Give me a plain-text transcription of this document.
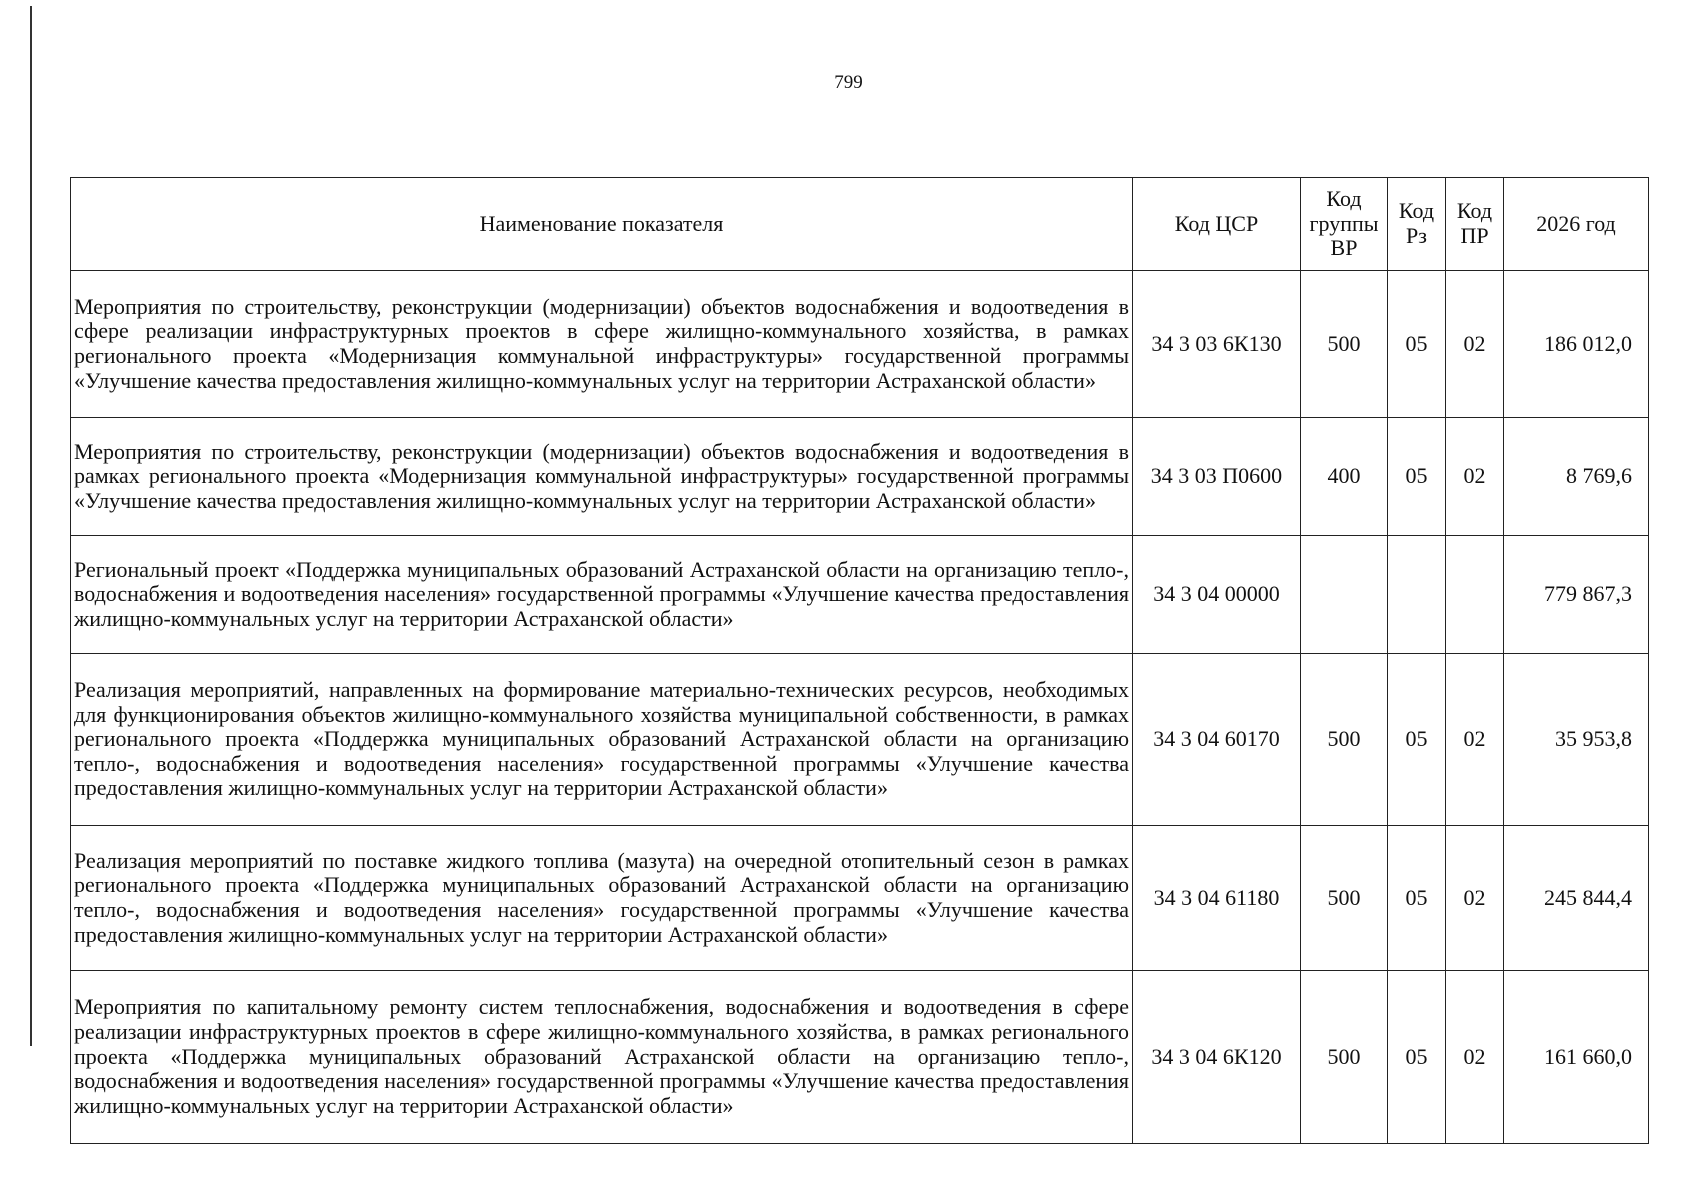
799
Наименование показателя	Код ЦСР	Код группы ВР	Код Рз	Код ПР	2026 год
Мероприятия по строительству, реконструкции (модернизации) объектов водоснабжения и водоотведения в сфере реализации инфраструктурных проектов в сфере жилищно-коммунального хозяйства, в рамках регионального проекта «Модернизация коммунальной инфраструктуры» государственной программы «Улучшение качества предоставления жилищно-коммунальных услуг на территории Астраханской области»	34 3 03 6К130	500	05	02	186 012,0
Мероприятия по строительству, реконструкции (модернизации) объектов водоснабжения и водоотведения в рамках регионального проекта «Модернизация коммунальной инфраструктуры» государственной программы «Улучшение качества предоставления жилищно-коммунальных услуг на территории Астраханской области»	34 3 03 П0600	400	05	02	8 769,6
Региональный проект «Поддержка муниципальных образований Астраханской области на организацию тепло-, водоснабжения и водоотведения населения» государственной программы «Улучшение качества предоставления жилищно-коммунальных услуг на территории Астраханской области»	34 3 04 00000				779 867,3
Реализация мероприятий, направленных на формирование материально-технических ресурсов, необходимых для функционирования объектов жилищно-коммунального хозяйства муниципальной собственности, в рамках регионального проекта «Поддержка муниципальных образований Астраханской области на организацию тепло-, водоснабжения и водоотведения населения» государственной программы «Улучшение качества предоставления жилищно-коммунальных услуг на территории Астраханской области»	34 3 04 60170	500	05	02	35 953,8
Реализация мероприятий по поставке жидкого топлива (мазута) на очередной отопительный сезон в рамках регионального проекта «Поддержка муниципальных образований Астраханской области на организацию тепло-, водоснабжения и водоотведения населения» государственной программы «Улучшение качества предоставления жилищно-коммунальных услуг на территории Астраханской области»	34 3 04 61180	500	05	02	245 844,4
Мероприятия по капитальному ремонту систем теплоснабжения, водоснабжения и водоотведения в сфере реализации инфраструктурных проектов в сфере жилищно-коммунального хозяйства, в рамках регионального проекта «Поддержка муниципальных образований Астраханской области на организацию тепло-, водоснабжения и водоотведения населения» государственной программы «Улучшение качества предоставления жилищно-коммунальных услуг на территории Астраханской области»	34 3 04 6К120	500	05	02	161 660,0
